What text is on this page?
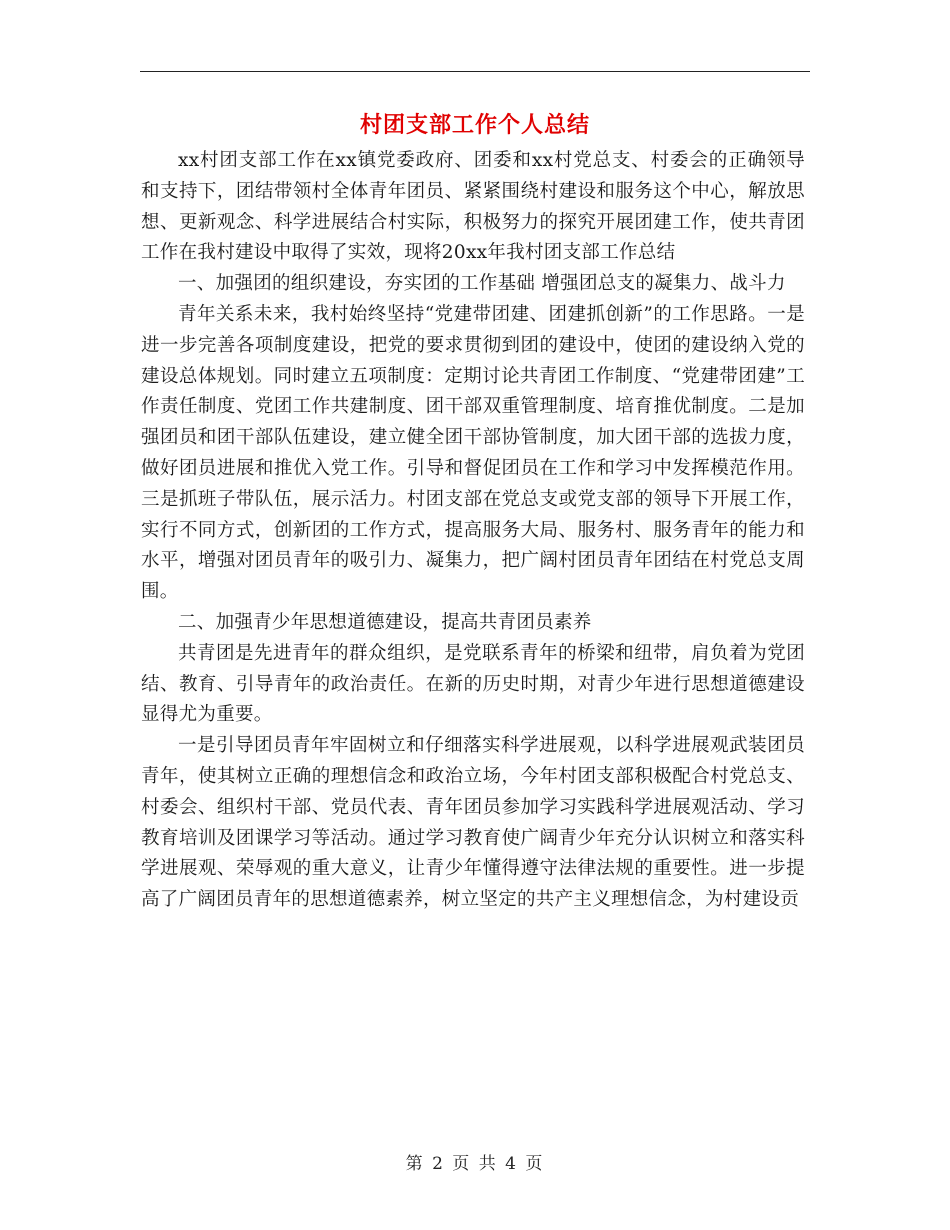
村团支部工作个人总结

xx村团支部工作在xx镇党委政府、团委和xx村党总支、村委会的正确领导和支持下，团结带领村全体青年团员、紧紧围绕村建设和服务这个中心，解放思想、更新观念、科学进展结合村实际，积极努力的探究开展团建工作，使共青团工作在我村建设中取得了实效，现将20xx年我村团支部工作总结

一、加强团的组织建设，夯实团的工作基础 增强团总支的凝集力、战斗力

青年关系未来，我村始终坚持“党建带团建、团建抓创新”的工作思路。一是进一步完善各项制度建设，把党的要求贯彻到团的建设中，使团的建设纳入党的建设总体规划。同时建立五项制度：定期讨论共青团工作制度、“党建带团建”工作责任制度、党团工作共建制度、团干部双重管理制度、培育推优制度。二是加强团员和团干部队伍建设，建立健全团干部协管制度，加大团干部的选拔力度，做好团员进展和推优入党工作。引导和督促团员在工作和学习中发挥模范作用。三是抓班子带队伍，展示活力。村团支部在党总支或党支部的领导下开展工作，实行不同方式，创新团的工作方式，提高服务大局、服务村、服务青年的能力和水平，增强对团员青年的吸引力、凝集力，把广阔村团员青年团结在村党总支周围。

二、加强青少年思想道德建设，提高共青团员素养

共青团是先进青年的群众组织，是党联系青年的桥梁和纽带，肩负着为党团结、教育、引导青年的政治责任。在新的历史时期，对青少年进行思想道德建设显得尤为重要。

一是引导团员青年牢固树立和仔细落实科学进展观，以科学进展观武装团员青年，使其树立正确的理想信念和政治立场，今年村团支部积极配合村党总支、村委会、组织村干部、党员代表、青年团员参加学习实践科学进展观活动、学习教育培训及团课学习等活动。通过学习教育使广阔青少年充分认识树立和落实科学进展观、荣辱观的重大意义，让青少年懂得遵守法律法规的重要性。进一步提高了广阔团员青年的思想道德素养，树立坚定的共产主义理想信念，为村建设贡

第 2 页 共 4 页
